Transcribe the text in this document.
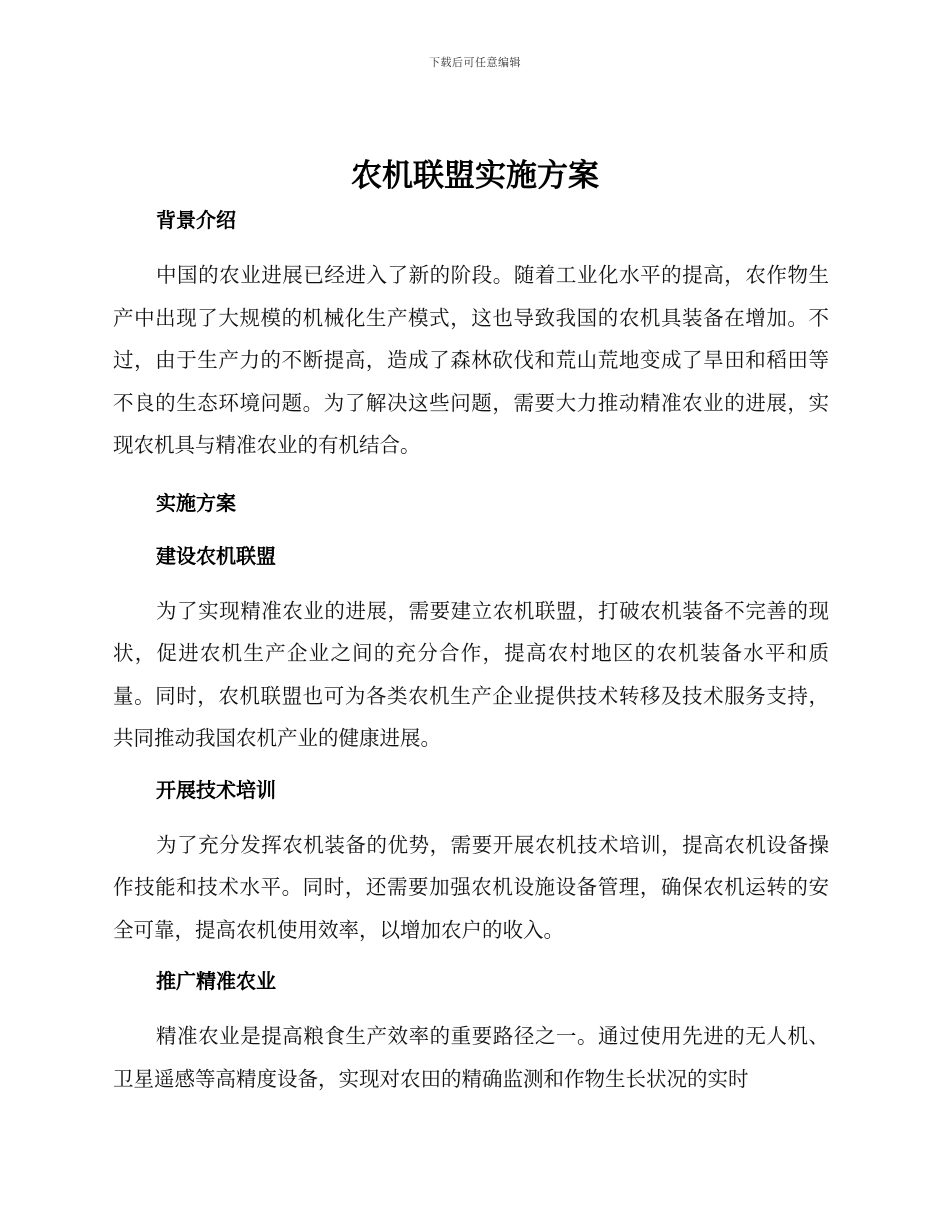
下载后可任意编辑
农机联盟实施方案
背景介绍

中国的农业进展已经进入了新的阶段。随着工业化水平的提高，农作物生产中出现了大规模的机械化生产模式，这也导致我国的农机具装备在增加。不过，由于生产力的不断提高，造成了森林砍伐和荒山荒地变成了旱田和稻田等不良的生态环境问题。为了解决这些问题，需要大力推动精准农业的进展，实现农机具与精准农业的有机结合。

实施方案
建设农机联盟

为了实现精准农业的进展，需要建立农机联盟，打破农机装备不完善的现状，促进农机生产企业之间的充分合作，提高农村地区的农机装备水平和质量。同时，农机联盟也可为各类农机生产企业提供技术转移及技术服务支持，共同推动我国农机产业的健康进展。

开展技术培训

为了充分发挥农机装备的优势，需要开展农机技术培训，提高农机设备操作技能和技术水平。同时，还需要加强农机设施设备管理，确保农机运转的安全可靠，提高农机使用效率，以增加农户的收入。

推广精准农业

精准农业是提高粮食生产效率的重要路径之一。通过使用先进的无人机、卫星遥感等高精度设备，实现对农田的精确监测和作物生长状况的实时
